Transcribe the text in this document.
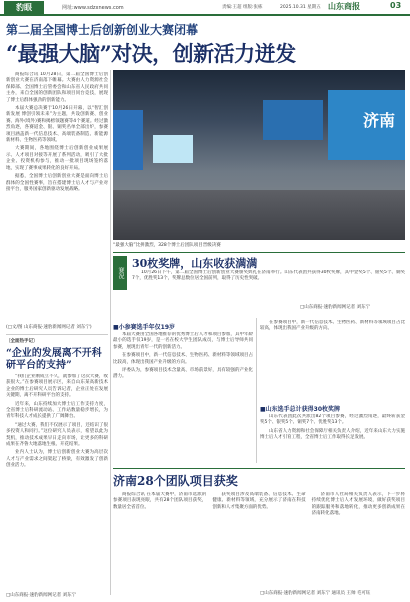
豹眼	网址:www.sdzxnews.com	责编:王超 组版:张栋	2025.10.31 星期五 山东商报	03
第二届全国博士后创新创业大赛闭幕
“最强大脑”对决，创新活力迸发

商报综合讯 10月28日，第二届全国博士后创新创业大赛在济南落下帷幕。大赛由人力资源社会保障部、全国博士后管委会和山东省人民政府共同主办，来自全国的创新团队和项目同台竞技，展现了博士后群体强劲的创新能力。

本届大赛总决赛于10月26日开幕，以“智汇创新发展 博创引领未来”为主题，共设创新赛、创业赛、海外(境外)赛和揭榜领题赛等4个赛道。经过激烈角逐，各赛道金、银、铜奖名单全部出炉，参赛项目涵盖新一代信息技术、高端装备制造、新能源新材料、生物医药等领域。

大赛期间，各地围绕博士后创新创业成果展示、人才项目对接等开展了系列活动，吸引了大批企业、投资机构参与，推动一批项目现场签约落地，实现了赛事成果转化的良好开局。

据悉，全国博士后创新创业大赛是面向博士后群体的全国性赛事，旨在搭建博士后人才与产业对接平台，服务国家创新驱动发展战略。

(□文/图 山东商报·速豹新闻网记者 刘东宁)
〔全面热手记〕
“企业的发展离不开科研平台的支持”

“我们企业刚成立不久，就参加了这次大赛，收获很大。”在参赛项目展示区，来自山东某高新技术企业的博士后研究人员告诉记者，企业正处在发展关键期，离不开科研平台的支持。

近年来，山东持续加大博士后工作支持力度，全省博士后科研流动站、工作站数量稳步增长，为青年科技人才成长提供了广阔舞台。

“通过大赛，我们不仅展示了项目，还结识了很多投资人和同行。”这位研究人员表示，希望以此为契机，推动技术成果早日走向市场，让更多的科研成果在齐鲁大地落地生根、开花结果。

业内人士认为，博士后创新创业大赛为高层次人才与产业需求之间架起了桥梁，有效激发了创新创业活力。

□山东商报·速豹新闻网记者 刘东宁
济南
“最强大脑”比拼激烈，328个博士后团队项目晋级决赛
赛况
30枚奖牌，山东收获满满

10月26日下午，第二届全国博士后创新创业大赛颁奖典礼在济南举行。山东代表团共获得30枚奖牌，其中金奖5个、银奖5个、铜奖7个，优胜奖13个，奖牌总数位居全国前列，取得了历史性突破。

□山东商报·速豹新闻网记者 刘东宁
■小参赛选手年仅19岁

本届大赛由全国各地推荐的优秀博士后人才和项目参加，其中年龄最小的选手仅19岁，是一名在校大学生团队成员，与博士后导师共同参赛，展现出青年一代的创新活力。

在参赛项目中，新一代信息技术、生物医药、新材料等领域项目占比较高，体现出我国产业升级的方向。

评委认为，参赛项目技术含量高、市场前景好，具有较强的产业化潜力。

在参赛项目中，新一代信息技术、生物医药、新材料等领域项目占比较高，体现出我国产业升级的方向。

■山东选手总计获得30枚奖牌

山东代表团此次共派出82个项目参赛，经过激烈角逐，最终斩获金奖5个、银奖5个、铜奖7个、优胜奖13个。

山东省人力资源和社会保障厅相关负责人介绍，近年来山东大力实施博士后人才引育工程，全省博士后工作取得长足发展。

济南28个团队项目获奖

商报综合讯 在本届大赛中，济南市选派的参赛项目表现亮眼，共有28个团队项目获奖，数量居全省首位。

获奖项目涉及高端装备、信息技术、生命健康、新材料等领域，充分展示了济南在科技创新和人才集聚方面的优势。

济南市人社局相关负责人表示，下一步将持续优化博士后人才发展环境，做好获奖项目的跟踪服务和落地转化，推动更多创新成果在济南转化落地。

□山东商报·速豹新闻网记者 刘东宁 通讯员 王帅 毛可钰
